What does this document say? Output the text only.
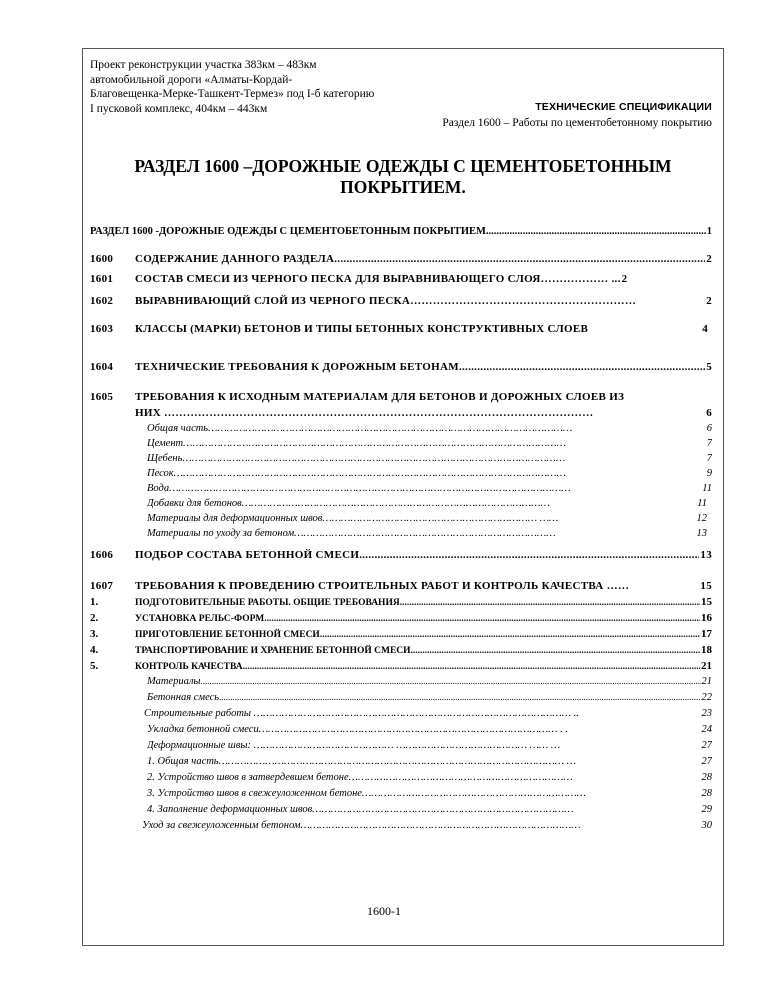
Проект реконструкции участка 383км – 483км
автомобильной дороги «Алматы-Кордай-
Благовещенка-Мерке-Ташкент-Термез» под I-б категорию
I пусковой комплекс, 404км – 443км	ТЕХНИЧЕСКИЕ СПЕЦИФИКАЦИИ
Раздел 1600 – Работы по цементобетонному покрытию
РАЗДЕЛ 1600 –ДОРОЖНЫЕ ОДЕЖДЫ С ЦЕМЕНТОБЕТОННЫМ
ПОКРЫТИЕМ.
РАЗДЕЛ 1600 -ДОРОЖНЫЕ ОДЕЖДЫ С ЦЕМЕНТОБЕТОННЫМ ПОКРЫТИЕМ .....	1
1600	СОДЕРЖАНИЕ ДАННОГО РАЗДЕЛА .....	2
1601	СОСТАВ СМЕСИ ИЗ ЧЕРНОГО ПЕСКА ДЛЯ ВЫРАВНИВАЮЩЕГО СЛОЯ……………… ... 2
1602	ВЫРАВНИВАЮЩИЙ СЛОЙ ИЗ ЧЕРНОГО ПЕСКА……………………………………………………	2
1603	КЛАССЫ (МАРКИ) БЕТОНОВ И ТИПЫ БЕТОННЫХ КОНСТРУКТИВНЫХ СЛОЕВ	4
1604	ТЕХНИЧЕСКИЕ ТРЕБОВАНИЯ К ДОРОЖНЫМ БЕТОНАМ .....	5
1605	ТРЕБОВАНИЯ К ИСХОДНЫМ МАТЕРИАЛАМ ДЛЯ БЕТОНОВ И ДОРОЖНЫХ СЛОЕВ ИЗ
НИХ ……………………………………………………………………………………………………	6
Общая часть………………………………………………………………………………………………………	6
Цемент……………………………………………………………………………………………………………	7
Щебень……………………………………………………………………………………………………………	7
Песок………………………………………………………………………………………………………………	9
Вода…………………………………………………………………………………………………………………	11
Добавки для бетонов………………………………………………………………………………………	11
Материалы для деформационных швов…………………………………………………………… ……	12
Материалы по уходу за бетоном…………………………………………………………………………	13
1606	ПОДБОР СОСТАВА БЕТОННОЙ СМЕСИ .....	13
1607	ТРЕБОВАНИЯ К ПРОВЕДЕНИЮ СТРОИТЕЛЬНЫХ РАБОТ И КОНТРОЛЬ КАЧЕСТВА ……	15
1.	ПОДГОТОВИТЕЛЬНЫЕ РАБОТЫ. ОБЩИЕ ТРЕБОВАНИЯ .....	15
2.	УСТАНОВКА РЕЛЬС-ФОРМ .....	16
3.	ПРИГОТОВЛЕНИЕ БЕТОННОЙ СМЕСИ .....	17
4.	ТРАНСПОРТИРОВАНИЕ И ХРАНЕНИЕ БЕТОННОЙ СМЕСИ .....	18
5.	КОНТРОЛЬ КАЧЕСТВА .....	21
Материалы .....	21
Бетонная смесь .....	22
Строительные работы ………………………………………………………………………………………… ..	23
Укладка бетонной смеси…………………………………………………………………………………… . .	24
Деформационные швы: ……………………………………… …………………………………… …… …	27
1. Общая часть………………………………………………………………………………………………… …	27
2. Устройство швов в затвердевшем бетоне………………………………………………………………	28
3. Устройство швов в свежеуложенном бетоне………………………………………………………………	28
4. Заполнение деформационных швов…………………………………………………………………………	29
Уход за свежеуложенным бетоном………………………………………………………………………………	30
1600-1
